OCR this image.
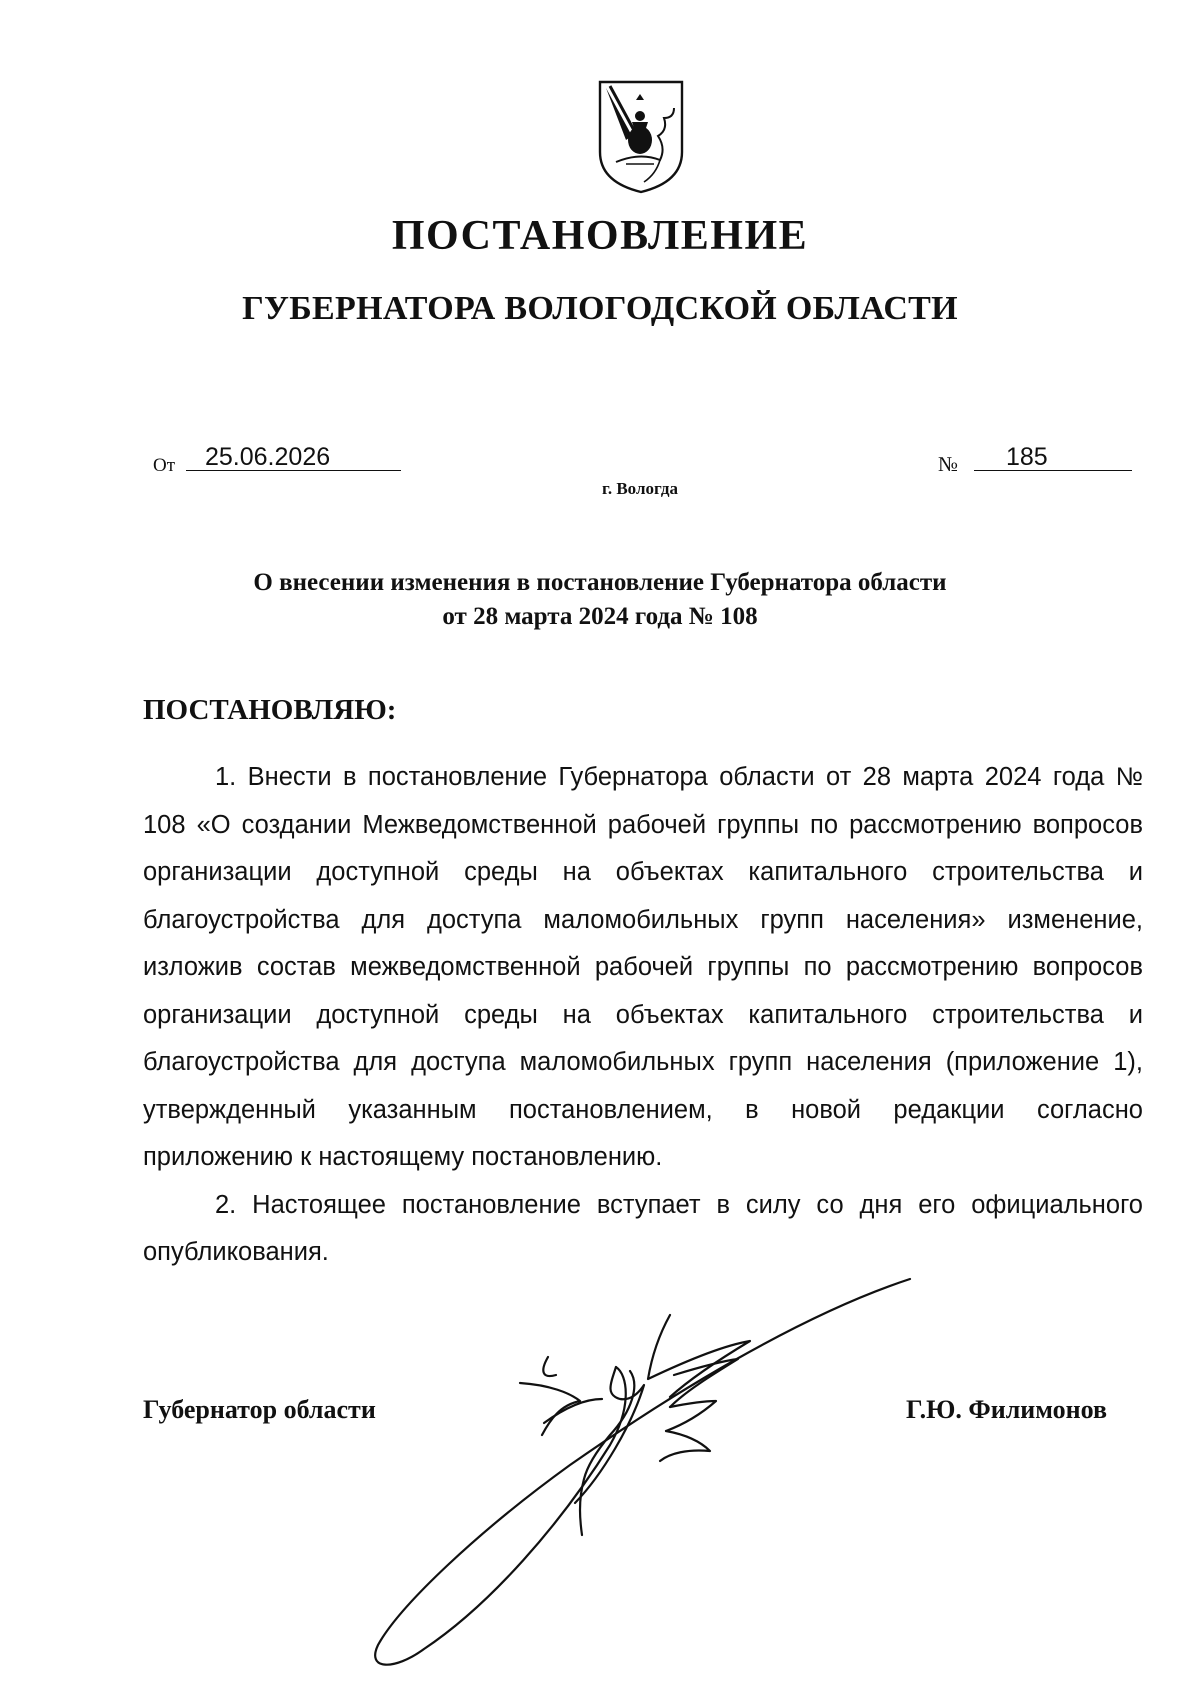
ПОСТАНОВЛЕНИЕ
ГУБЕРНАТОРА ВОЛОГОДСКОЙ ОБЛАСТИ
От 25.06.2026	№ 185
г. Вологда
О внесении изменения в постановление Губернатора области
от 28 марта 2024 года № 108
ПОСТАНОВЛЯЮ:

1. Внести в постановление Губернатора области от 28 марта 2024 года № 108 «О создании Межведомственной рабочей группы по рассмотрению вопросов организации доступной среды на объектах капитального строительства и благоустройства для доступа маломобильных групп населения» изменение, изложив состав межведомственной рабочей группы по рассмотрению вопросов организации доступной среды на объектах капитального строительства и благоустройства для доступа маломобильных групп населения (приложение 1), утвержденный указанным постановлением, в новой редакции согласно приложению к настоящему постановлению.

2. Настоящее постановление вступает в силу со дня его официального опубликования.

Губернатор области	Г.Ю. Филимонов
